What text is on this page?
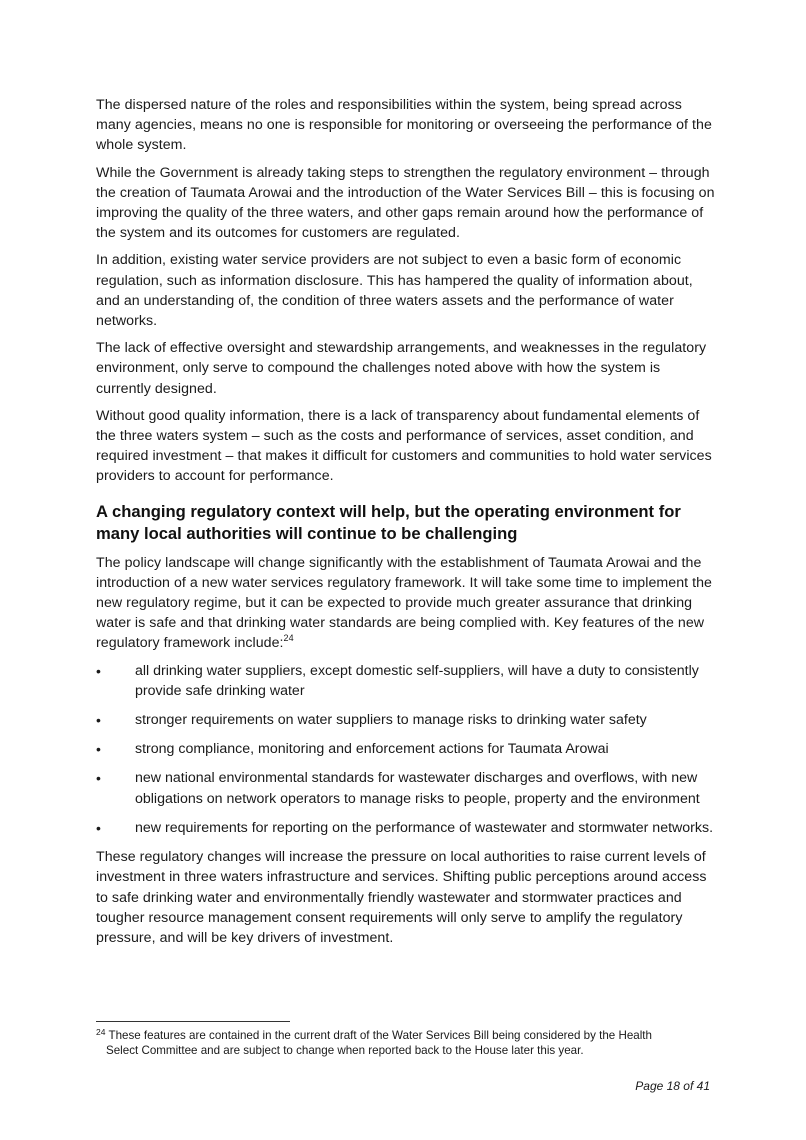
The dispersed nature of the roles and responsibilities within the system, being spread across many agencies, means no one is responsible for monitoring or overseeing the performance of the whole system.

While the Government is already taking steps to strengthen the regulatory environment – through the creation of Taumata Arowai and the introduction of the Water Services Bill – this is focusing on improving the quality of the three waters, and other gaps remain around how the performance of the system and its outcomes for customers are regulated.

In addition, existing water service providers are not subject to even a basic form of economic regulation, such as information disclosure. This has hampered the quality of information about, and an understanding of, the condition of three waters assets and the performance of water networks.

The lack of effective oversight and stewardship arrangements, and weaknesses in the regulatory environment, only serve to compound the challenges noted above with how the system is currently designed.

Without good quality information, there is a lack of transparency about fundamental elements of the three waters system – such as the costs and performance of services, asset condition, and required investment – that makes it difficult for customers and communities to hold water services providers to account for performance.

A changing regulatory context will help, but the operating environment for many local authorities will continue to be challenging

The policy landscape will change significantly with the establishment of Taumata Arowai and the introduction of a new water services regulatory framework. It will take some time to implement the new regulatory regime, but it can be expected to provide much greater assurance that drinking water is safe and that drinking water standards are being complied with. Key features of the new regulatory framework include:$^{24}$

• all drinking water suppliers, except domestic self-suppliers, will have a duty to consistently provide safe drinking water
• stronger requirements on water suppliers to manage risks to drinking water safety
• strong compliance, monitoring and enforcement actions for Taumata Arowai
• new national environmental standards for wastewater discharges and overflows, with new obligations on network operators to manage risks to people, property and the environment
• new requirements for reporting on the performance of wastewater and stormwater networks.

These regulatory changes will increase the pressure on local authorities to raise current levels of investment in three waters infrastructure and services. Shifting public perceptions around access to safe drinking water and environmentally friendly wastewater and stormwater practices and tougher resource management consent requirements will only serve to amplify the regulatory pressure, and will be key drivers of investment.

$^{24}$ These features are contained in the current draft of the Water Services Bill being considered by the Health
Select Committee and are subject to change when reported back to the House later this year.
Page 18 of 41
